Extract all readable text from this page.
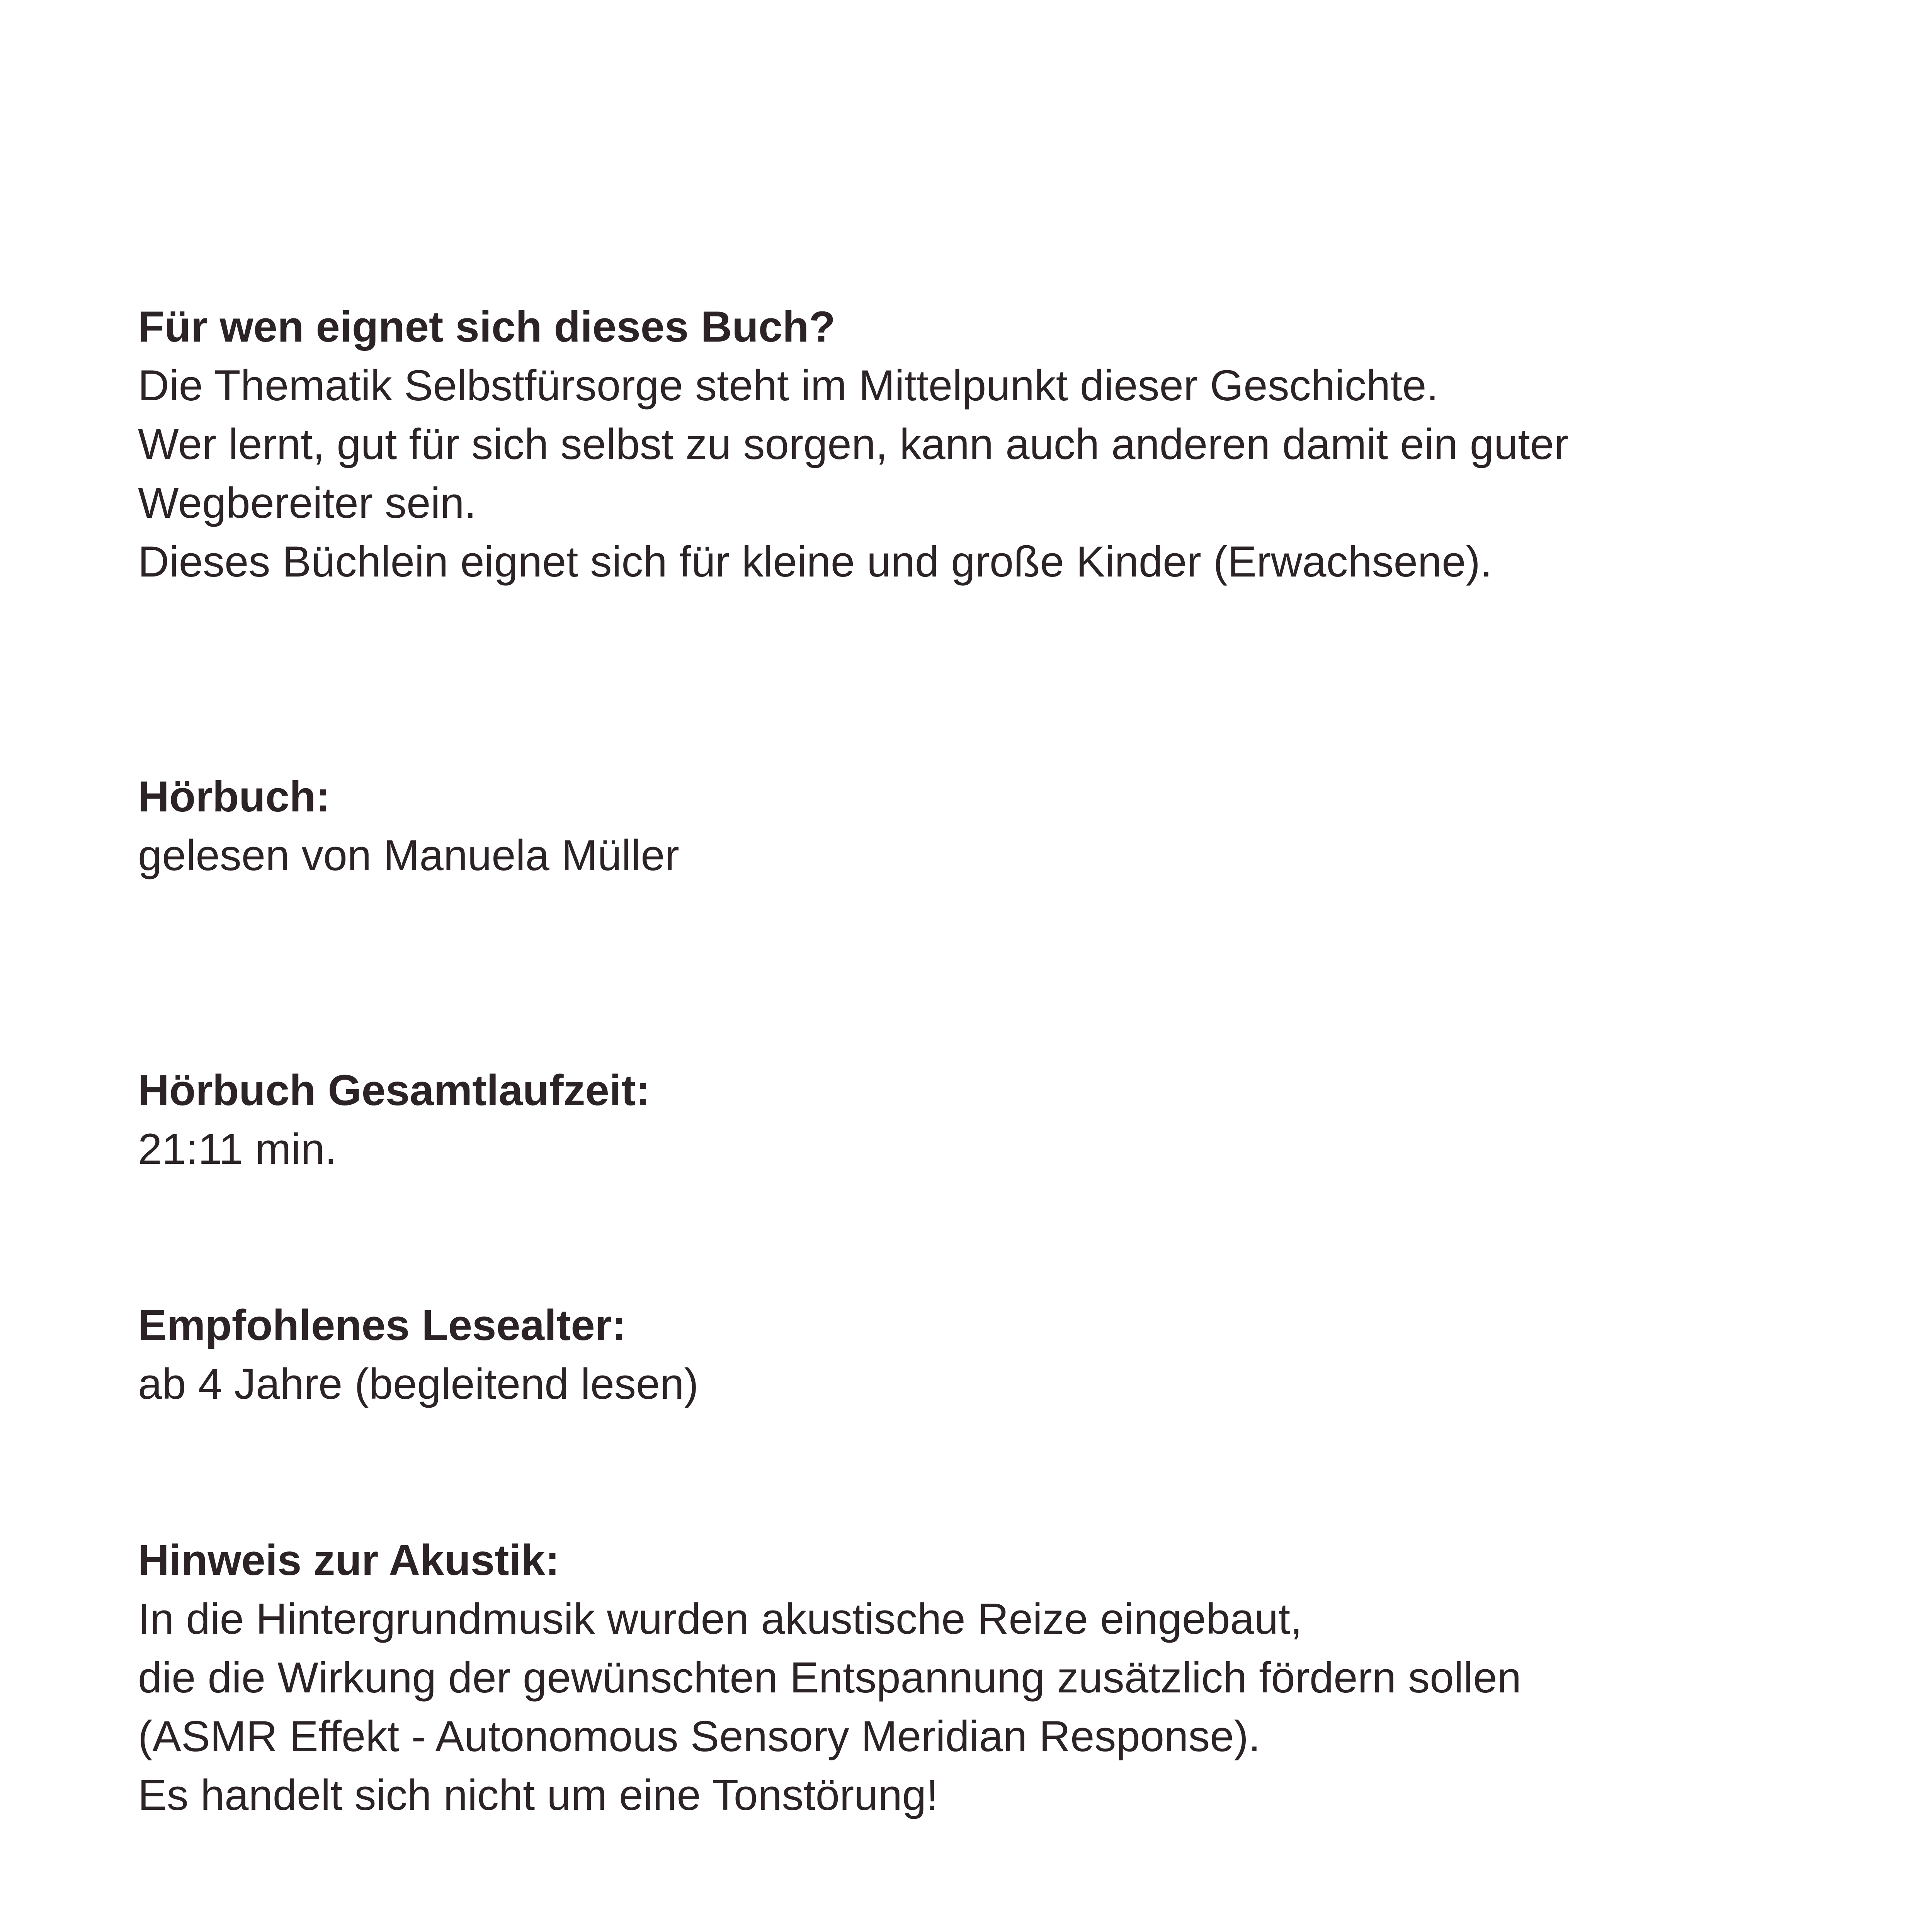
Für wen eignet sich dieses Buch?
Die Thematik Selbstfürsorge steht im Mittelpunkt dieser Geschichte.
Wer lernt, gut für sich selbst zu sorgen, kann auch anderen damit ein guter
Wegbereiter sein.
Dieses Büchlein eignet sich für kleine und große Kinder (Erwachsene).
Hörbuch:
gelesen von Manuela Müller
Hörbuch Gesamtlaufzeit:
21:11 min.
Empfohlenes Lesealter:
ab 4 Jahre (begleitend lesen)
Hinweis zur Akustik:
In die Hintergrundmusik wurden akustische Reize eingebaut,
die die Wirkung der gewünschten Entspannung zusätzlich fördern sollen
(ASMR Effekt - Autonomous Sensory Meridian Response).
Es handelt sich nicht um eine Tonstörung!
